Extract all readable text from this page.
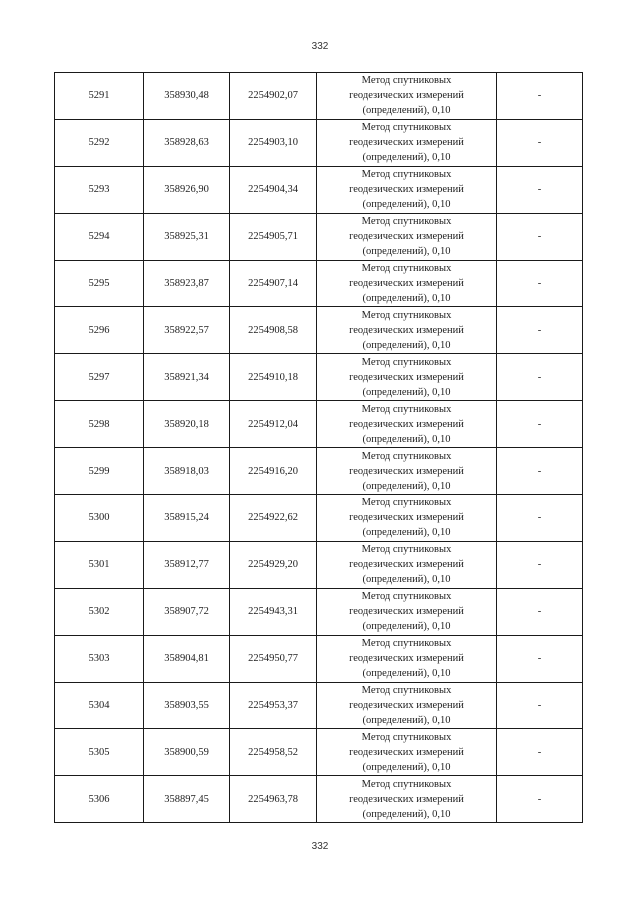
332
5291	358930,48	2254902,07	Метод спутниковых
геодезических измерений
(определений), 0,10	-
5292	358928,63	2254903,10	Метод спутниковых
геодезических измерений
(определений), 0,10	-
5293	358926,90	2254904,34	Метод спутниковых
геодезических измерений
(определений), 0,10	-
5294	358925,31	2254905,71	Метод спутниковых
геодезических измерений
(определений), 0,10	-
5295	358923,87	2254907,14	Метод спутниковых
геодезических измерений
(определений), 0,10	-
5296	358922,57	2254908,58	Метод спутниковых
геодезических измерений
(определений), 0,10	-
5297	358921,34	2254910,18	Метод спутниковых
геодезических измерений
(определений), 0,10	-
5298	358920,18	2254912,04	Метод спутниковых
геодезических измерений
(определений), 0,10	-
5299	358918,03	2254916,20	Метод спутниковых
геодезических измерений
(определений), 0,10	-
5300	358915,24	2254922,62	Метод спутниковых
геодезических измерений
(определений), 0,10	-
5301	358912,77	2254929,20	Метод спутниковых
геодезических измерений
(определений), 0,10	-
5302	358907,72	2254943,31	Метод спутниковых
геодезических измерений
(определений), 0,10	-
5303	358904,81	2254950,77	Метод спутниковых
геодезических измерений
(определений), 0,10	-
5304	358903,55	2254953,37	Метод спутниковых
геодезических измерений
(определений), 0,10	-
5305	358900,59	2254958,52	Метод спутниковых
геодезических измерений
(определений), 0,10	-
5306	358897,45	2254963,78	Метод спутниковых
геодезических измерений
(определений), 0,10	-
332
